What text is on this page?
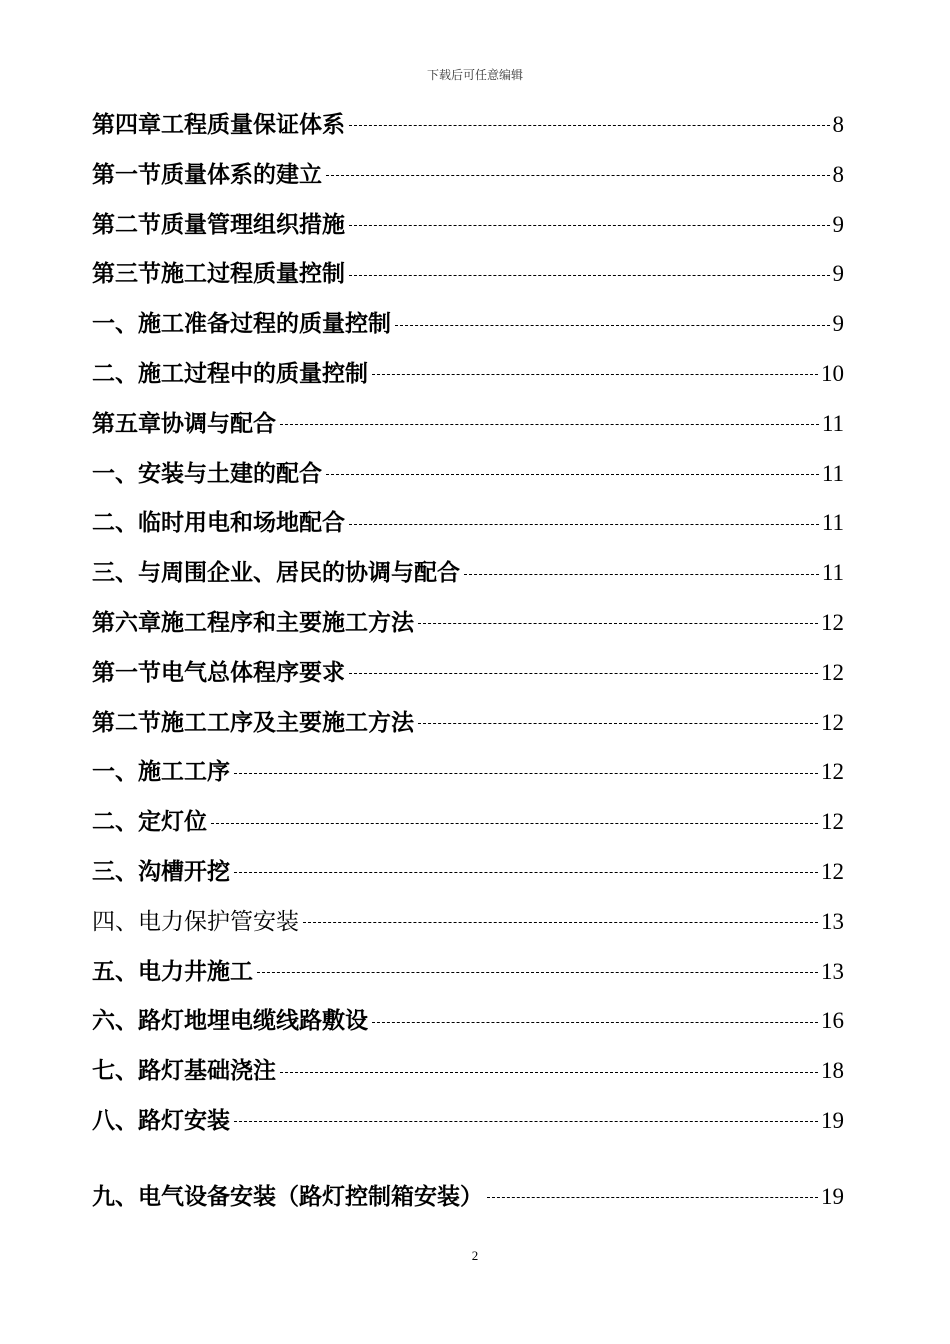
下载后可任意编辑
第四章工程质量保证体系	8
第一节质量体系的建立	8
第二节质量管理组织措施	9
第三节施工过程质量控制	9
一、施工准备过程的质量控制	9
二、施工过程中的质量控制	10
第五章协调与配合	11
一、安装与土建的配合	11
二、临时用电和场地配合	11
三、与周围企业、居民的协调与配合	11
第六章施工程序和主要施工方法	12
第一节电气总体程序要求	12
第二节施工工序及主要施工方法	12
一、施工工序	12
二、定灯位	12
三、沟槽开挖	12
四、电力保护管安装	13
五、电力井施工	13
六、路灯地埋电缆线路敷设	16
七、路灯基础浇注	18
八、路灯安装	19
九、电气设备安装（路灯控制箱安装）	19
2
